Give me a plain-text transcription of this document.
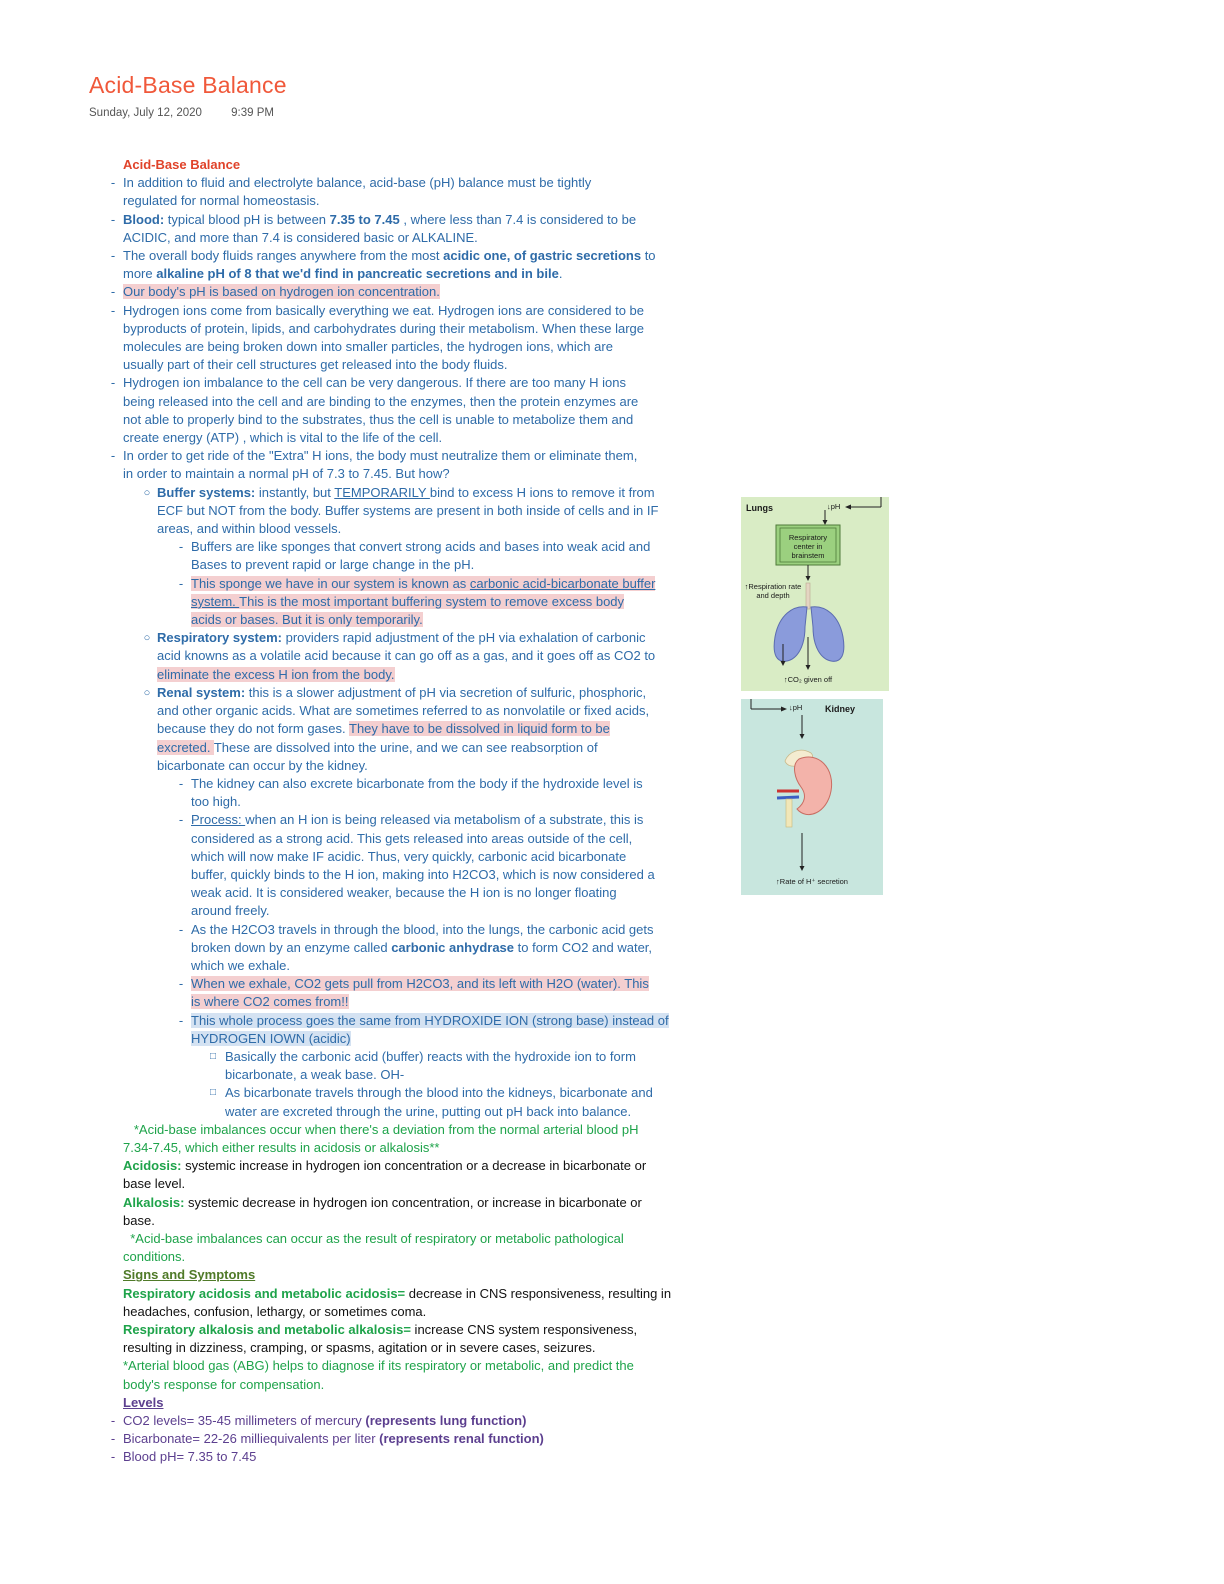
Acid-Base Balance
Sunday, July 12, 2020	9:39 PM
Acid-Base Balance
- In addition to fluid and electrolyte balance, acid-base (pH) balance must be tightly
regulated for normal homeostasis.
- Blood: typical blood pH is between 7.35 to 7.45 , where less than 7.4 is considered to be
ACIDIC, and more than 7.4 is considered basic or ALKALINE.
- The overall body fluids ranges anywhere from the most acidic one, of gastric secretions to
more alkaline pH of 8 that we'd find in pancreatic secretions and in bile.
- Our body's pH is based on hydrogen ion concentration.
- Hydrogen ions come from basically everything we eat. Hydrogen ions are considered to be
byproducts of protein, lipids, and carbohydrates during their metabolism. When these large
molecules are being broken down into smaller particles, the hydrogen ions, which are
usually part of their cell structures get released into the body fluids.
- Hydrogen ion imbalance to the cell can be very dangerous. If there are too many H ions
being released into the cell and are binding to the enzymes, then the protein enzymes are
not able to properly bind to the substrates, thus the cell is unable to metabolize them and
create energy (ATP) , which is vital to the life of the cell.
- In order to get ride of the "Extra" H ions, the body must neutralize them or eliminate them,
in order to maintain a normal pH of 7.3 to 7.45. But how?
○ Buffer systems: instantly, but TEMPORARILY bind to excess H ions to remove it from
ECF but NOT from the body. Buffer systems are present in both inside of cells and in IF
areas, and within blood vessels.
- Buffers are like sponges that convert strong acids and bases into weak acid and
Bases to prevent rapid or large change in the pH.
- This sponge we have in our system is known as carbonic acid-bicarbonate buffer
system. This is the most important buffering system to remove excess body
acids or bases. But it is only temporarily.
○ Respiratory system: providers rapid adjustment of the pH via exhalation of carbonic
acid knowns as a volatile acid because it can go off as a gas, and it goes off as CO2 to
eliminate the excess H ion from the body.
○ Renal system: this is a slower adjustment of pH via secretion of sulfuric, phosphoric,
and other organic acids. What are sometimes referred to as nonvolatile or fixed acids,
because they do not form gases. They have to be dissolved in liquid form to be
excreted. These are dissolved into the urine, and we can see reabsorption of
bicarbonate can occur by the kidney.
- The kidney can also excrete bicarbonate from the body if the hydroxide level is
too high.
- Process: when an H ion is being released via metabolism of a substrate, this is
considered as a strong acid. This gets released into areas outside of the cell,
which will now make IF acidic. Thus, very quickly, carbonic acid bicarbonate
buffer, quickly binds to the H ion, making into H2CO3, which is now considered a
weak acid. It is considered weaker, because the H ion is no longer floating
around freely.
- As the H2CO3 travels in through the blood, into the lungs, the carbonic acid gets
broken down by an enzyme called carbonic anhydrase to form CO2 and water,
which we exhale.
- When we exhale, CO2 gets pull from H2CO3, and its left with H2O (water). This
is where CO2 comes from!!
- This whole process goes the same from HYDROXIDE ION (strong base) instead of
HYDROGEN IOWN (acidic)
□ Basically the carbonic acid (buffer) reacts with the hydroxide ion to form
bicarbonate, a weak base. OH-
□ As bicarbonate travels through the blood into the kidneys, bicarbonate and
water are excreted through the urine, putting out pH back into balance.
*Acid-base imbalances occur when there's a deviation from the normal arterial blood pH
7.34-7.45, which either results in acidosis or alkalosis**
Acidosis: systemic increase in hydrogen ion concentration or a decrease in bicarbonate or
base level.
Alkalosis: systemic decrease in hydrogen ion concentration, or increase in bicarbonate or
base.
*Acid-base imbalances can occur as the result of respiratory or metabolic pathological
conditions.
Signs and Symptoms
Respiratory acidosis and metabolic acidosis= decrease in CNS responsiveness, resulting in
headaches, confusion, lethargy, or sometimes coma.
Respiratory alkalosis and metabolic alkalosis= increase CNS system responsiveness,
resulting in dizziness, cramping, or spasms, agitation or in severe cases, seizures.
*Arterial blood gas (ABG) helps to diagnose if its respiratory or metabolic, and predict the
body's response for compensation.
Levels
- CO2 levels= 35-45 millimeters of mercury (represents lung function)
- Bicarbonate= 22-26 milliequivalents per liter (represents renal function)
- Blood pH= 7.35 to 7.45
Lungs	↓pH
Respiratory
center in
brainstem
↑Respiration rate
and depth
↑CO₂ given off
↓pH	Kidney
↑Rate of H⁺ secretion
